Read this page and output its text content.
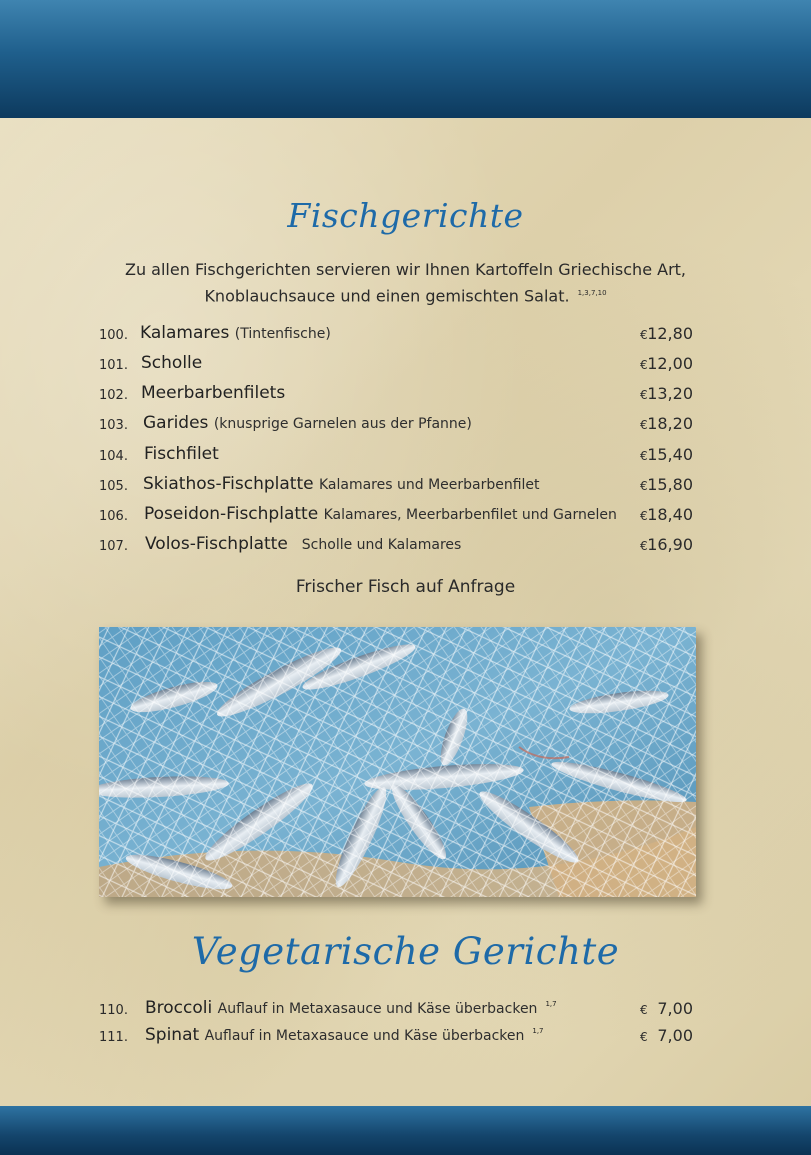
Fischgerichte
Zu allen Fischgerichten servieren wir Ihnen Kartoffeln Griechische Art,
Knoblauchsauce und einen gemischten Salat. $^{1,3,7,10}$
100. Kalamares (Tintenfische)	€ 12,80
101. Scholle	€ 12,00
102. Meerbarbenfilets	€ 13,20
103. Garides (knusprige Garnelen aus der Pfanne)	€ 18,20
104. Fischfilet	€ 15,40
105. Skiathos-Fischplatte Kalamares und Meerbarbenfilet	€ 15,80
106. Poseidon-Fischplatte Kalamares, Meerbarbenfilet und Garnelen € 18,40
107. Volos-Fischplatte Scholle und Kalamares	€ 16,90
Frischer Fisch auf Anfrage
Vegetarische Gerichte
110. Broccoli Auflauf in Metaxasauce und Käse überbacken $^{1,7}$	€ 7,00
111. Spinat Auflauf in Metaxasauce und Käse überbacken $^{1,7}$	€ 7,00
